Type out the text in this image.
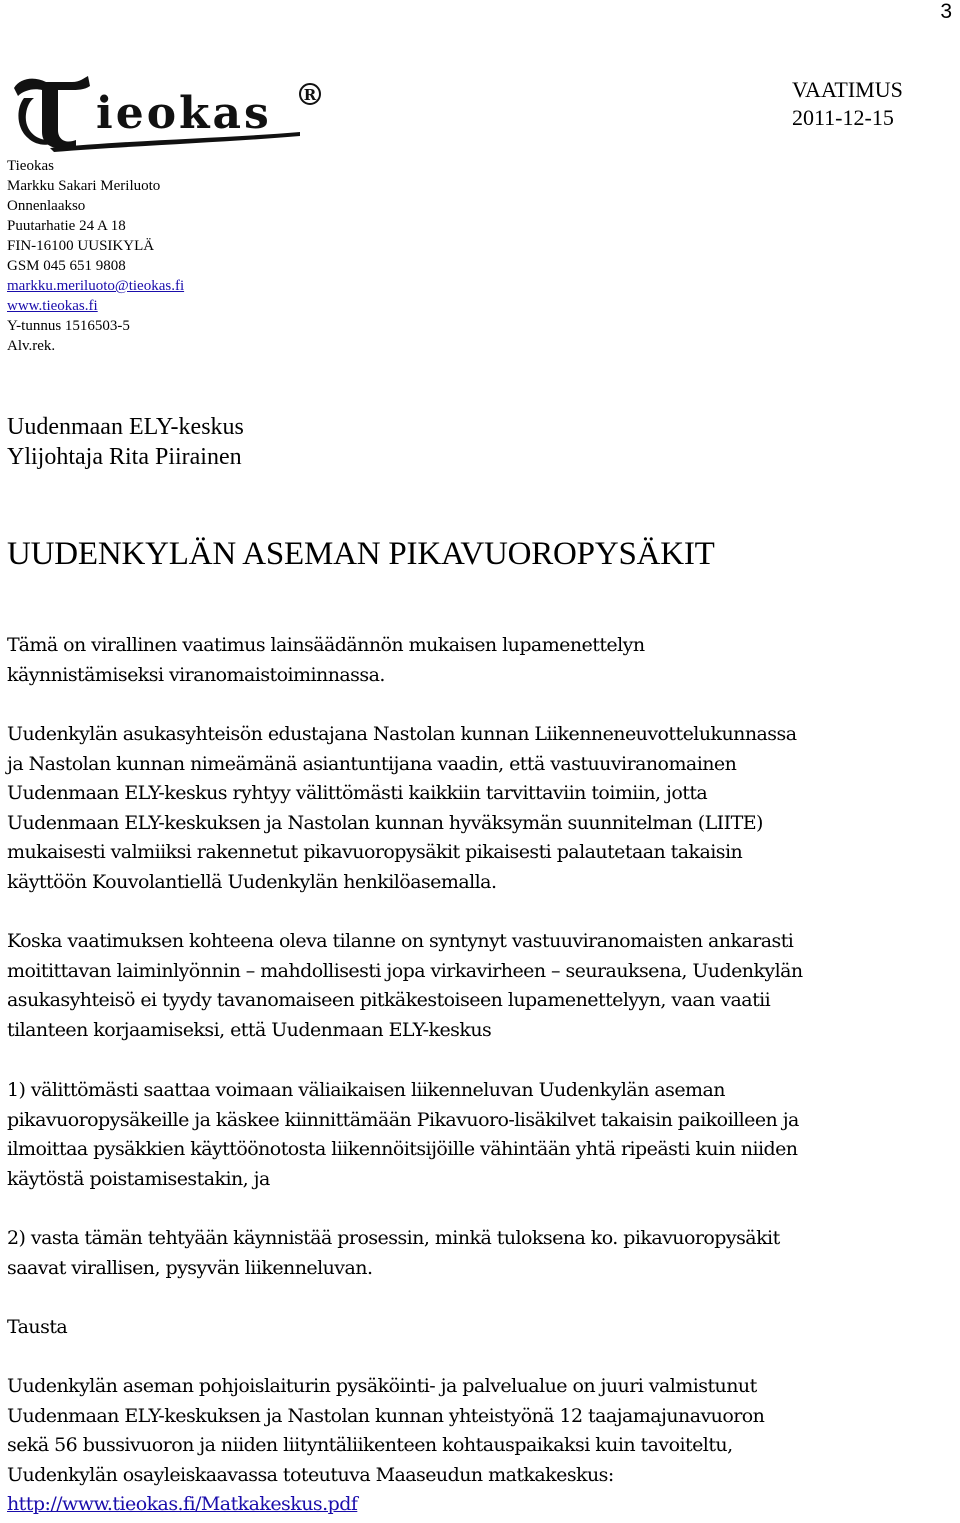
3
ieokas R	VAATIMUS
2011-12-15
Tieokas
Markku Sakari Meriluoto
Onnenlaakso
Puutarhatie 24 A 18
FIN-16100 UUSIKYLÄ
GSM 045 651 9808
markku.meriluoto@tieokas.fi
www.tieokas.fi
Y-tunnus 1516503-5
Alv.rek.
Uudenmaan ELY-keskus
Ylijohtaja Rita Piirainen
UUDENKYLÄN ASEMAN PIKAVUOROPYSÄKIT
Tämä on virallinen vaatimus lainsäädännön mukaisen lupamenettelyn
käynnistämiseksi viranomaistoiminnassa.
Uudenkylän asukasyhteisön edustajana Nastolan kunnan Liikenneneuvottelukunnassa
ja Nastolan kunnan nimeämänä asiantuntijana vaadin, että vastuuviranomainen
Uudenmaan ELY-keskus ryhtyy välittömästi kaikkiin tarvittaviin toimiin, jotta
Uudenmaan ELY-keskuksen ja Nastolan kunnan hyväksymän suunnitelman (LIITE)
mukaisesti valmiiksi rakennetut pikavuoropysäkit pikaisesti palautetaan takaisin
käyttöön Kouvolantiellä Uudenkylän henkilöasemalla.
Koska vaatimuksen kohteena oleva tilanne on syntynyt vastuuviranomaisten ankarasti
moitittavan laiminlyönnin – mahdollisesti jopa virkavirheen – seurauksena, Uudenkylän
asukasyhteisö ei tyydy tavanomaiseen pitkäkestoiseen lupamenettelyyn, vaan vaatii
tilanteen korjaamiseksi, että Uudenmaan ELY-keskus
1) välittömästi saattaa voimaan väliaikaisen liikenneluvan Uudenkylän aseman
pikavuoropysäkeille ja käskee kiinnittämään Pikavuoro-lisäkilvet takaisin paikoilleen ja
ilmoittaa pysäkkien käyttöönotosta liikennöitsijöille vähintään yhtä ripeästi kuin niiden
käytöstä poistamisestakin, ja
2) vasta tämän tehtyään käynnistää prosessin, minkä tuloksena ko. pikavuoropysäkit
saavat virallisen, pysyvän liikenneluvan.
Tausta
Uudenkylän aseman pohjoislaiturin pysäköinti- ja palvelualue on juuri valmistunut
Uudenmaan ELY-keskuksen ja Nastolan kunnan yhteistyönä 12 taajamajunavuoron
sekä 56 bussivuoron ja niiden liityntäliikenteen kohtauspaikaksi kuin tavoiteltu,
Uudenkylän osayleiskaavassa toteutuva Maaseudun matkakeskus:
http://www.tieokas.fi/Matkakeskus.pdf
